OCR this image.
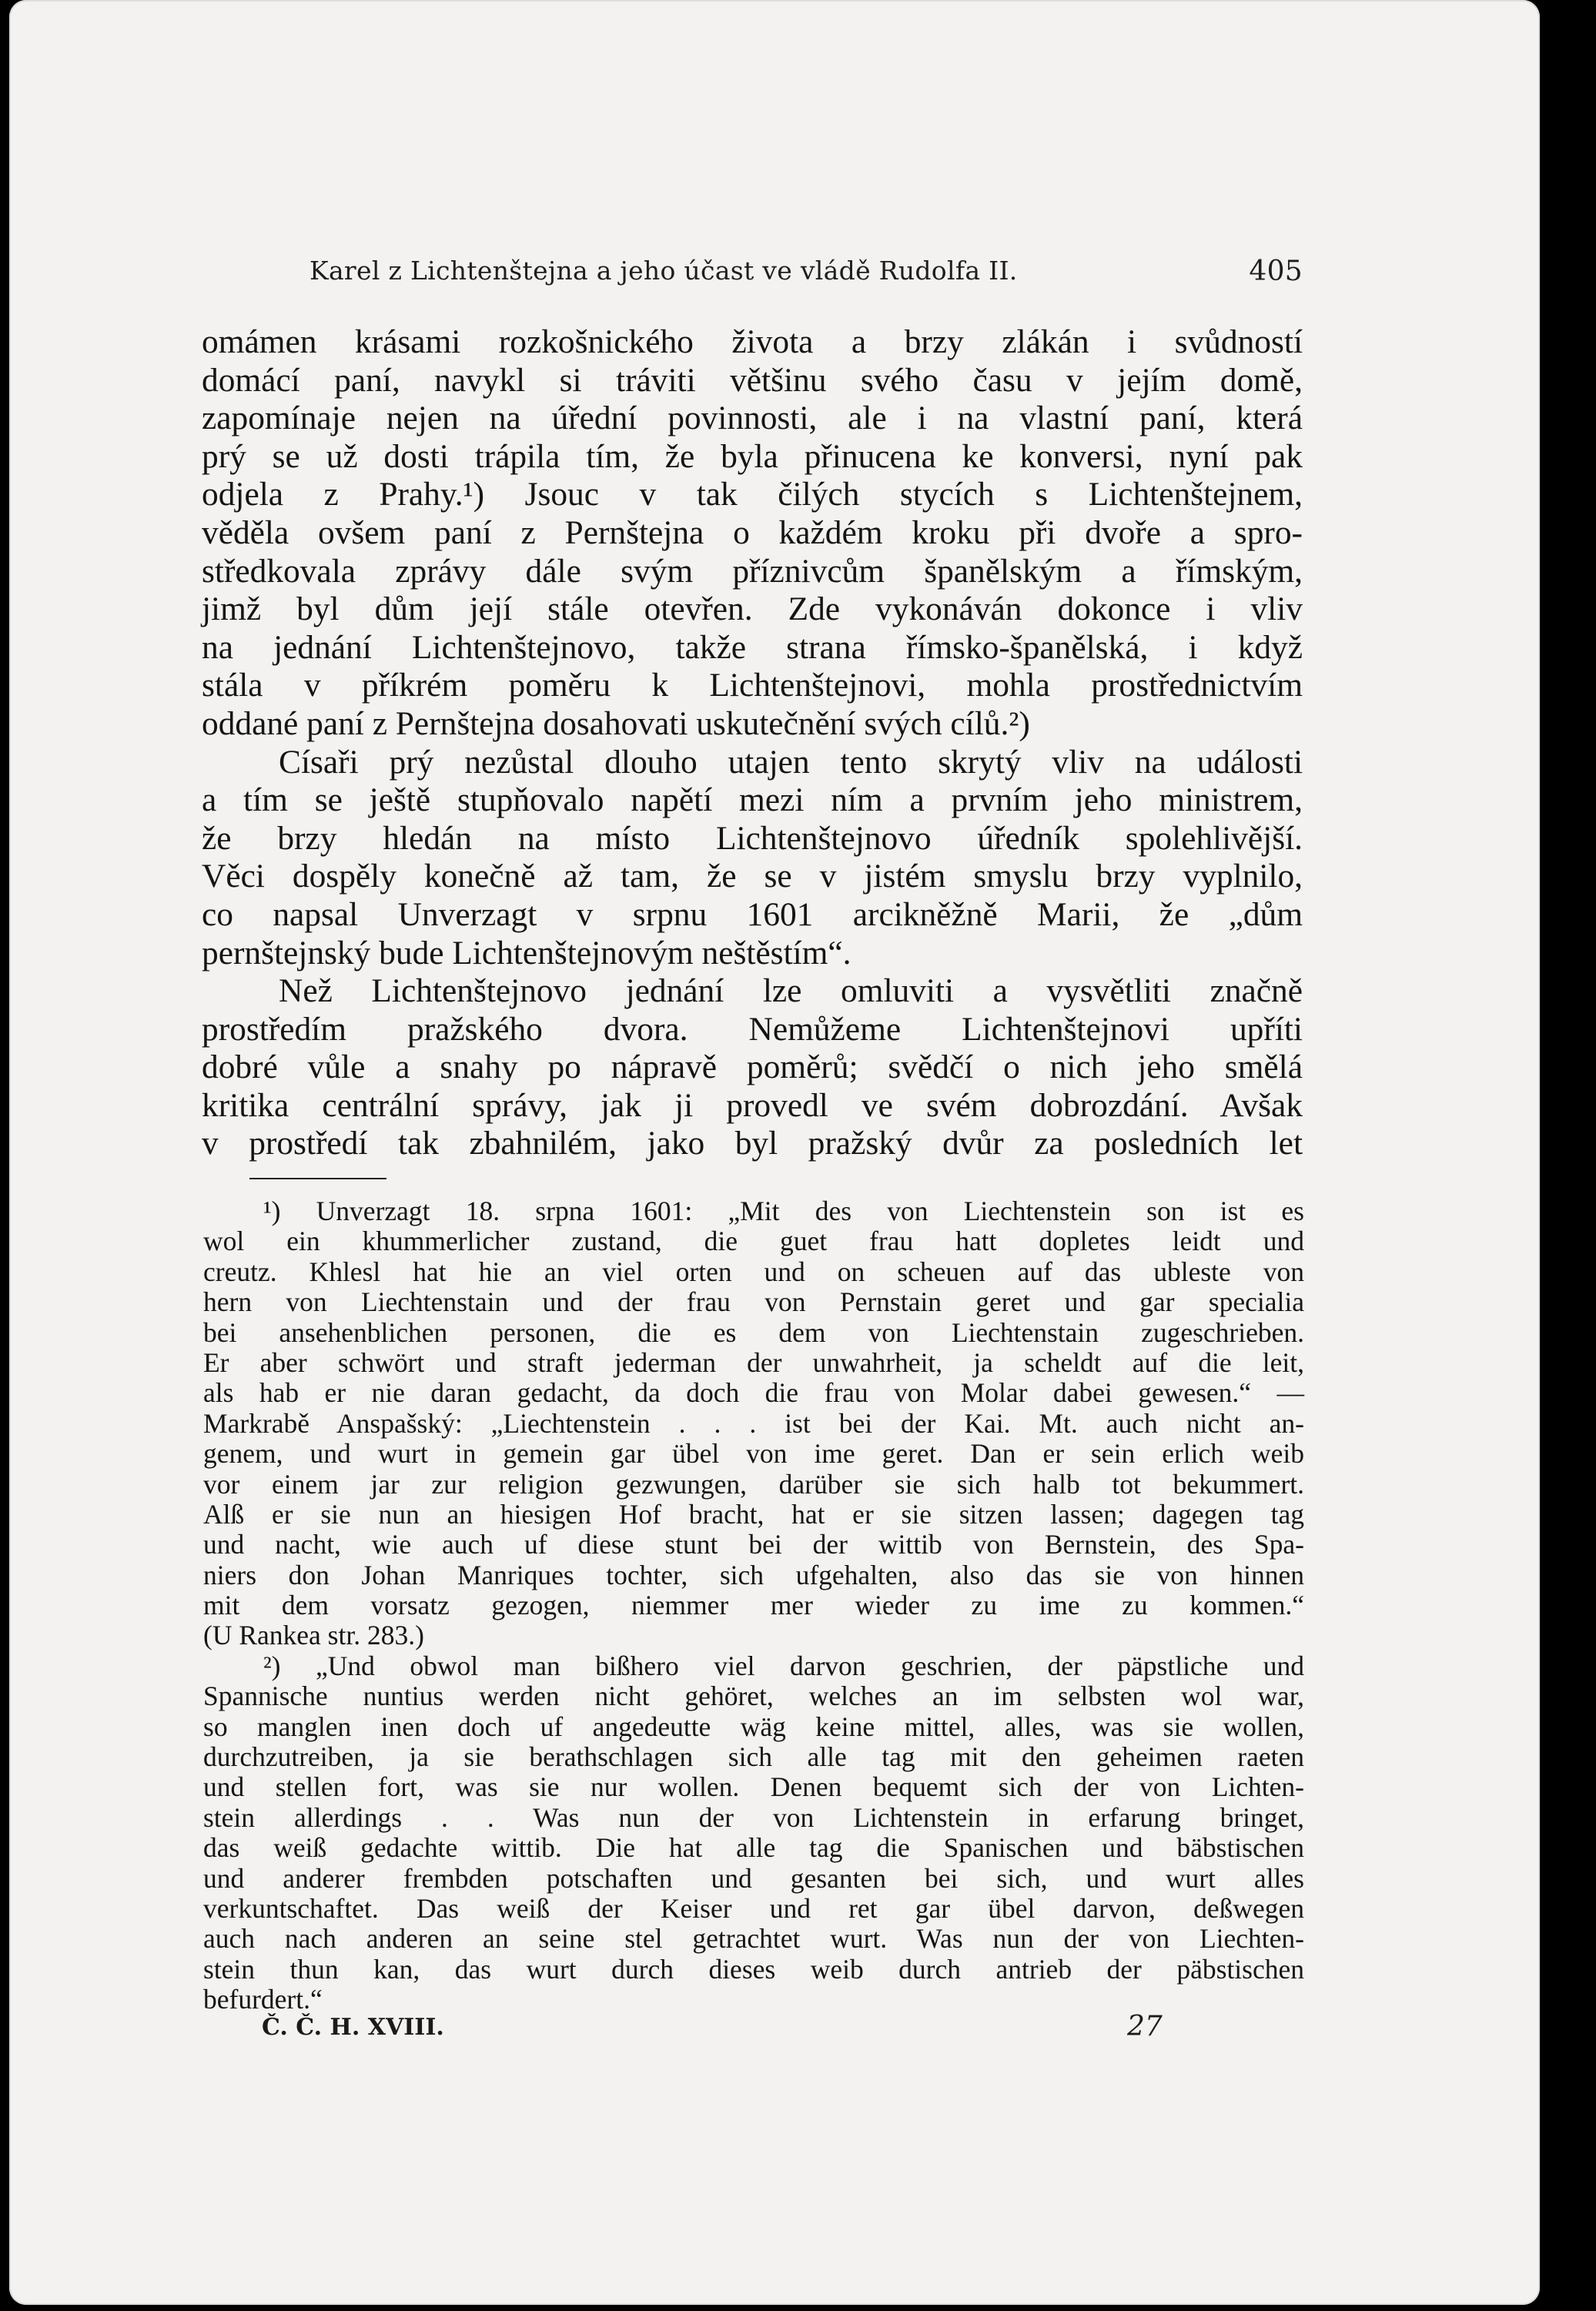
Karel z Lichtenštejna a jeho účast ve vládě Rudolfa II.	405
omámen krásami rozkošnického života a brzy zlákán i svůdností
domácí paní, navykl si tráviti většinu svého času v jejím domě,
zapomínaje nejen na úřední povinnosti, ale i na vlastní paní, která
prý se už dosti trápila tím, že byla přinucena ke konversi, nyní pak
odjela z Prahy.¹) Jsouc v tak čilých stycích s Lichtenštejnem,
věděla ovšem paní z Pernštejna o každém kroku při dvoře a spro-
středkovala zprávy dále svým příznivcům španělským a římským,
jimž byl dům její stále otevřen. Zde vykonáván dokonce i vliv
na jednání Lichtenštejnovo, takže strana římsko-španělská, i když
stála v příkrém poměru k Lichtenštejnovi, mohla prostřednictvím
oddané paní z Pernštejna dosahovati uskutečnění svých cílů.²)
Císaři prý nezůstal dlouho utajen tento skrytý vliv na události
a tím se ještě stupňovalo napětí mezi ním a prvním jeho ministrem,
že brzy hledán na místo Lichtenštejnovo úředník spolehlivější.
Věci dospěly konečně až tam, že se v jistém smyslu brzy vyplnilo,
co napsal Unverzagt v srpnu 1601 arcikněžně Marii, že „dům
pernštejnský bude Lichtenštejnovým neštěstím“.
Než Lichtenštejnovo jednání lze omluviti a vysvětliti značně
prostředím pražského dvora. Nemůžeme Lichtenštejnovi upříti
dobré vůle a snahy po nápravě poměrů; svědčí o nich jeho smělá
kritika centrální správy, jak ji provedl ve svém dobrozdání. Avšak
v prostředí tak zbahnilém, jako byl pražský dvůr za posledních let
¹) Unverzagt 18. srpna 1601: „Mit des von Liechtenstein son ist es
wol ein khummerlicher zustand, die guet frau hatt dopletes leidt und
creutz. Khlesl hat hie an viel orten und on scheuen auf das ubleste von
hern von Liechtenstain und der frau von Pernstain geret und gar specialia
bei ansehenblichen personen, die es dem von Liechtenstain zugeschrieben.
Er aber schwört und straft jederman der unwahrheit, ja scheldt auf die leit,
als hab er nie daran gedacht, da doch die frau von Molar dabei gewesen.“ —
Markrabě Anspašský: „Liechtenstein . . . ist bei der Kai. Mt. auch nicht an-
genem, und wurt in gemein gar übel von ime geret. Dan er sein erlich weib
vor einem jar zur religion gezwungen, darüber sie sich halb tot bekummert.
Alß er sie nun an hiesigen Hof bracht, hat er sie sitzen lassen; dagegen tag
und nacht, wie auch uf diese stunt bei der wittib von Bernstein, des Spa-
niers don Johan Manriques tochter, sich ufgehalten, also das sie von hinnen
mit dem vorsatz gezogen, niemmer mer wieder zu ime zu kommen.“
(U Rankea str. 283.)
²) „Und obwol man bißhero viel darvon geschrien, der päpstliche und
Spannische nuntius werden nicht gehöret, welches an im selbsten wol war,
so manglen inen doch uf angedeutte wäg keine mittel, alles, was sie wollen,
durchzutreiben, ja sie berathschlagen sich alle tag mit den geheimen raeten
und stellen fort, was sie nur wollen. Denen bequemt sich der von Lichten-
stein allerdings . . Was nun der von Lichtenstein in erfarung bringet,
das weiß gedachte wittib. Die hat alle tag die Spanischen und bäbstischen
und anderer frembden potschaften und gesanten bei sich, und wurt alles
verkuntschaftet. Das weiß der Keiser und ret gar übel darvon, deßwegen
auch nach anderen an seine stel getrachtet wurt. Was nun der von Liechten-
stein thun kan, das wurt durch dieses weib durch antrieb der päbstischen
befurdert.“
Č. Č. H. XVIII.	27
